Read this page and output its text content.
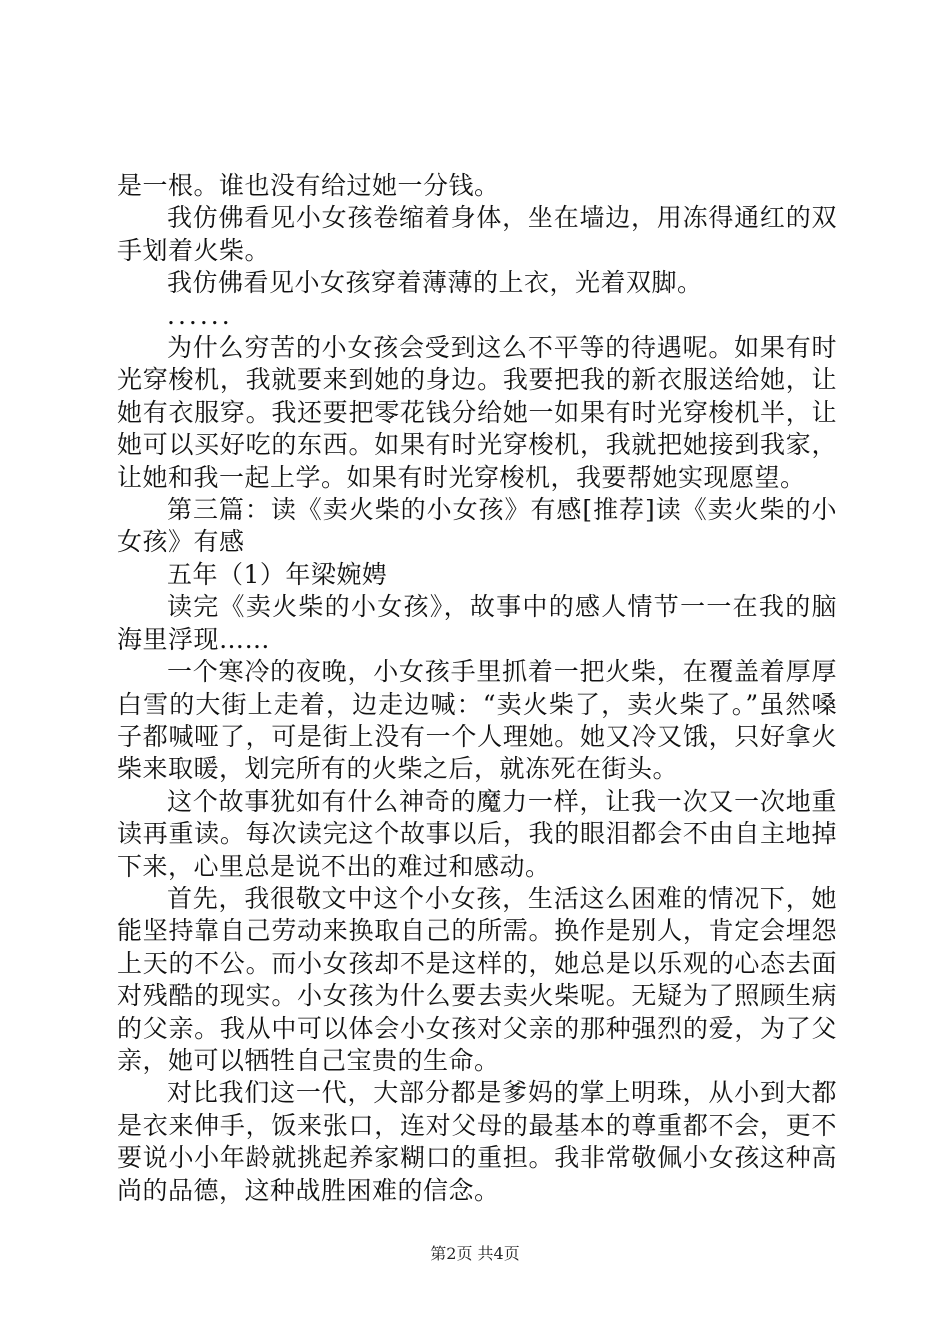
是一根。谁也没有给过她一分钱。

我仿佛看见小女孩卷缩着身体，坐在墙边，用冻得通红的双手划着火柴。

我仿佛看见小女孩穿着薄薄的上衣，光着双脚。

......

为什么穷苦的小女孩会受到这么不平等的待遇呢。如果有时光穿梭机，我就要来到她的身边。我要把我的新衣服送给她，让她有衣服穿。我还要把零花钱分给她一如果有时光穿梭机半，让她可以买好吃的东西。如果有时光穿梭机，我就把她接到我家，让她和我一起上学。如果有时光穿梭机，我要帮她实现愿望。

第三篇：读《卖火柴的小女孩》有感[推荐]读《卖火柴的小女孩》有感

五年（1）年梁婉娉

读完《卖火柴的小女孩》，故事中的感人情节一一在我的脑海里浮现……

一个寒冷的夜晚，小女孩手里抓着一把火柴，在覆盖着厚厚白雪的大街上走着，边走边喊：“卖火柴了，卖火柴了。”虽然嗓子都喊哑了，可是街上没有一个人理她。她又冷又饿，只好拿火柴来取暖，划完所有的火柴之后，就冻死在街头。

这个故事犹如有什么神奇的魔力一样，让我一次又一次地重读再重读。每次读完这个故事以后，我的眼泪都会不由自主地掉下来，心里总是说不出的难过和感动。

首先，我很敬文中这个小女孩，生活这么困难的情况下，她能坚持靠自己劳动来换取自己的所需。换作是别人，肯定会埋怨上天的不公。而小女孩却不是这样的，她总是以乐观的心态去面对残酷的现实。小女孩为什么要去卖火柴呢。无疑为了照顾生病的父亲。我从中可以体会小女孩对父亲的那种强烈的爱，为了父亲，她可以牺牲自己宝贵的生命。

对比我们这一代，大部分都是爹妈的掌上明珠，从小到大都是衣来伸手，饭来张口，连对父母的最基本的尊重都不会，更不要说小小年龄就挑起养家糊口的重担。我非常敬佩小女孩这种高尚的品德，这种战胜困难的信念。

第2页 共4页
